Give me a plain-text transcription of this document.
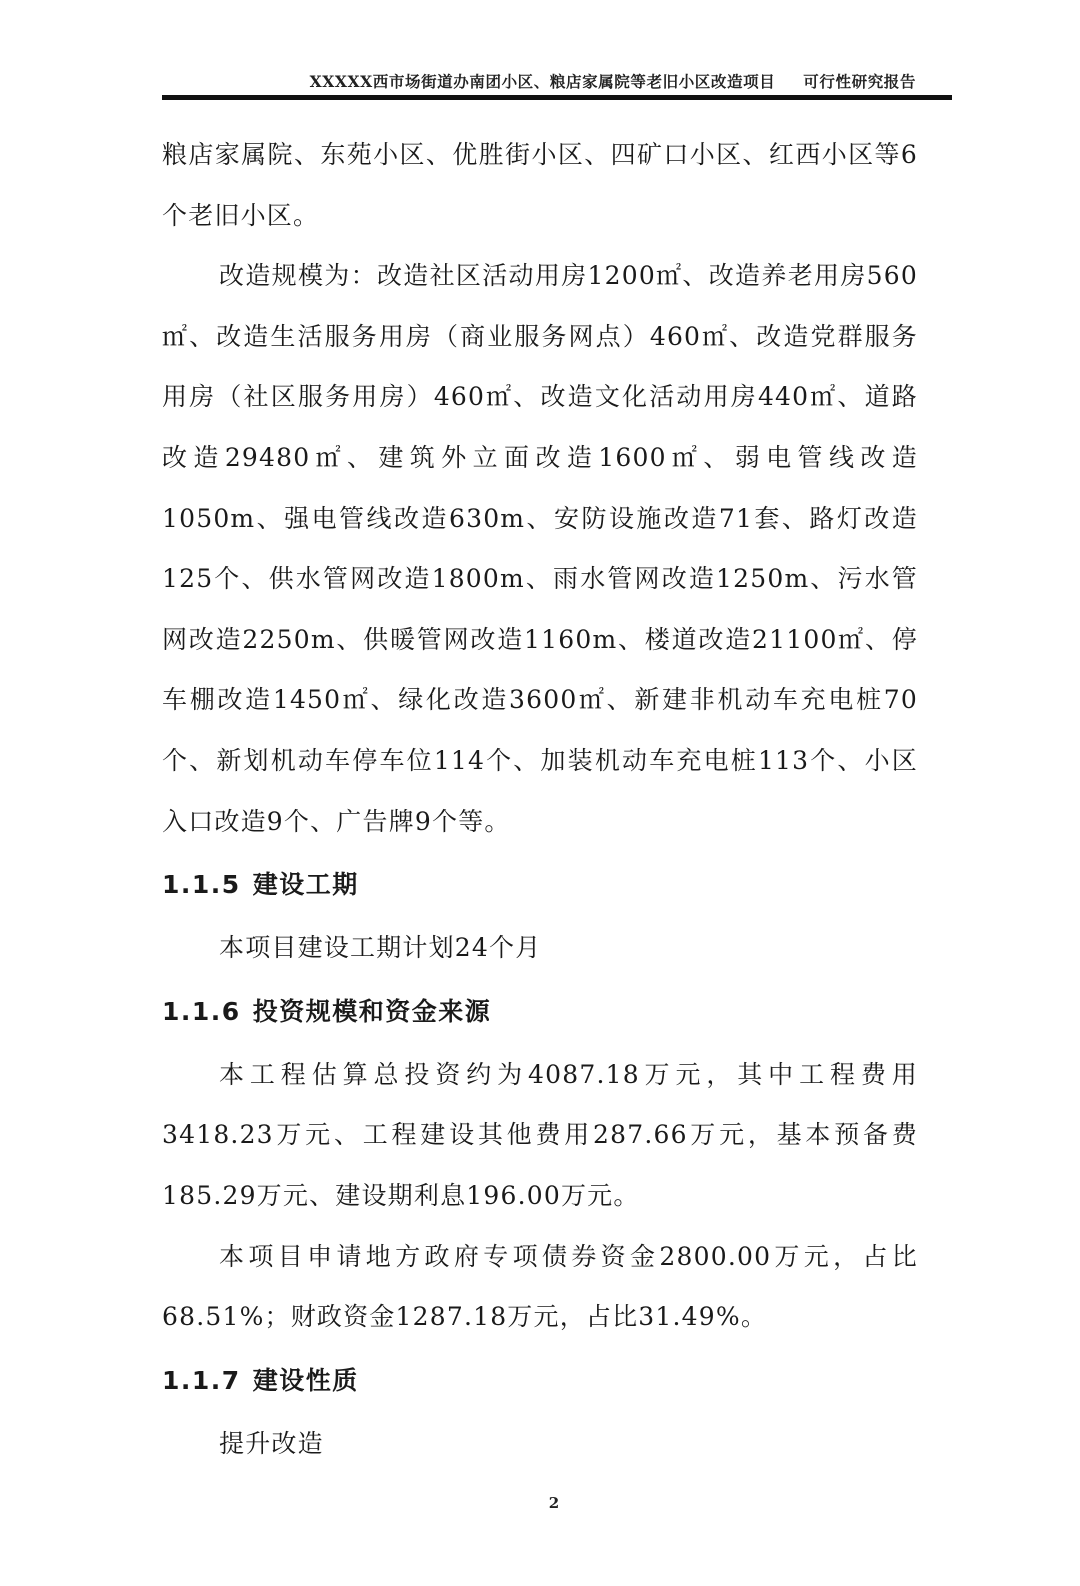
XXXXX西市场街道办南团小区、粮店家属院等老旧小区改造项目 可行性研究报告

粮店家属院、东苑小区、优胜街小区、四矿口小区、红西小区等6个老旧小区。

改造规模为：改造社区活动用房1200㎡、改造养老用房560㎡、改造生活服务用房（商业服务网点）460㎡、改造党群服务用房（社区服务用房）460㎡、改造文化活动用房440㎡、道路改造29480㎡、建筑外立面改造1600㎡、弱电管线改造1050m、强电管线改造630m、安防设施改造71套、路灯改造125个、供水管网改造1800m、雨水管网改造1250m、污水管网改造2250m、供暖管网改造1160m、楼道改造21100㎡、停车棚改造1450㎡、绿化改造3600㎡、新建非机动车充电桩70个、新划机动车停车位114个、加装机动车充电桩113个、小区入口改造9个、广告牌9个等。

1.1.5 建设工期

本项目建设工期计划24个月

1.1.6 投资规模和资金来源

本工程估算总投资约为4087.18万元，其中工程费用3418.23万元、工程建设其他费用287.66万元，基本预备费185.29万元、建设期利息196.00万元。

本项目申请地方政府专项债券资金2800.00万元，占比68.51%；财政资金1287.18万元，占比31.49%。

1.1.7 建设性质

提升改造

2
